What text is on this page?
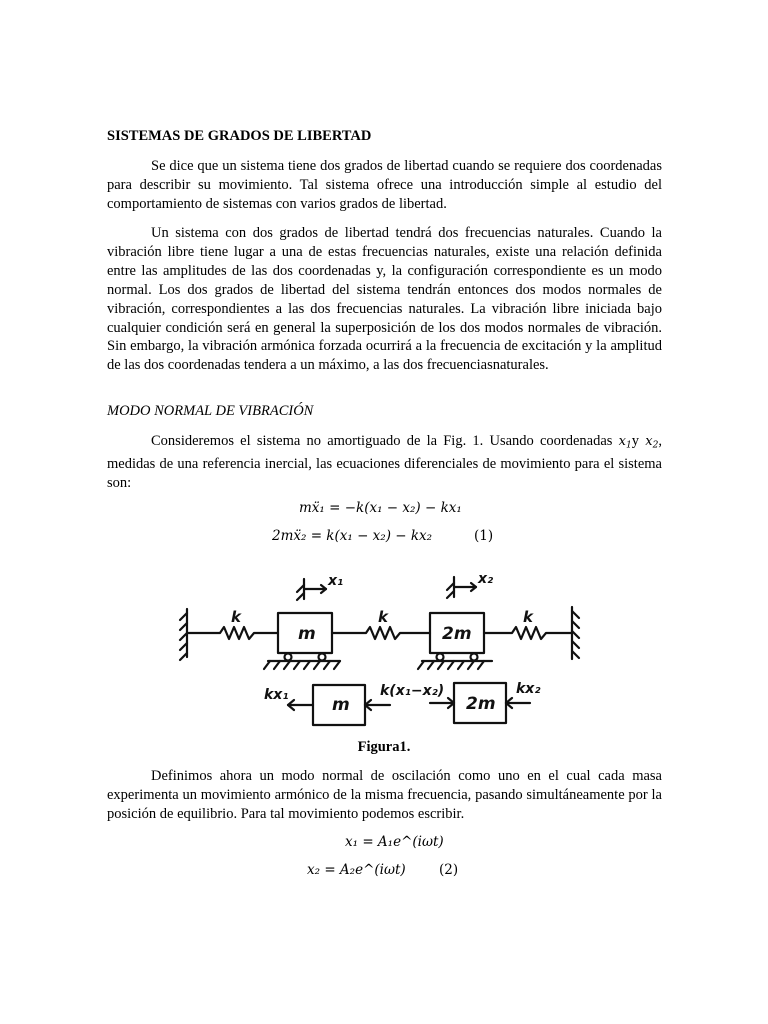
SISTEMAS DE GRADOS DE LIBERTAD

Se dice que un sistema tiene dos grados de libertad cuando se requiere dos coordenadas para describir su movimiento. Tal sistema ofrece una introducción simple al estudio del comportamiento de sistemas con varios grados de libertad.

Un sistema con dos grados de libertad tendrá dos frecuencias naturales. Cuando la vibración libre tiene lugar a una de estas frecuencias naturales, existe una relación definida entre las amplitudes de las dos coordenadas y, la configuración correspondiente es un modo normal. Los dos grados de libertad del sistema tendrán entonces dos modos normales de vibración, correspondientes a las dos frecuencias naturales. La vibración libre iniciada bajo cualquier condición será en general la superposición de los dos modos normales de vibración. Sin embargo, la vibración armónica forzada ocurrirá a la frecuencia de excitación y la amplitud de las dos coordenadas tendera a un máximo, a las dos frecuenciasnaturales.

MODO NORMAL DE VIBRACIÓN

Consideremos el sistema no amortiguado de la Fig. 1. Usando coordenadas $x_1y$ $x_2$, medidas de una referencia inercial, las ecuaciones diferenciales de movimiento para el sistema son:

mẍ₁ = −k(x₁ − x₂) − kx₁
2mẍ₂ = k(x₁ − x₂) − kx₂	(1)
x₁	x₂
k	k	k
m	2m
kx₁	m
k(x₁−x₂)
2m
kx₂
Figura1.

Definimos ahora un modo normal de oscilación como uno en el cual cada masa experimenta un movimiento armónico de la misma frecuencia, pasando simultáneamente por la posición de equilibrio. Para tal movimiento podemos escribir.

x₁ = A₁e^(iωt)
x₂ = A₂e^(iωt) (2)
